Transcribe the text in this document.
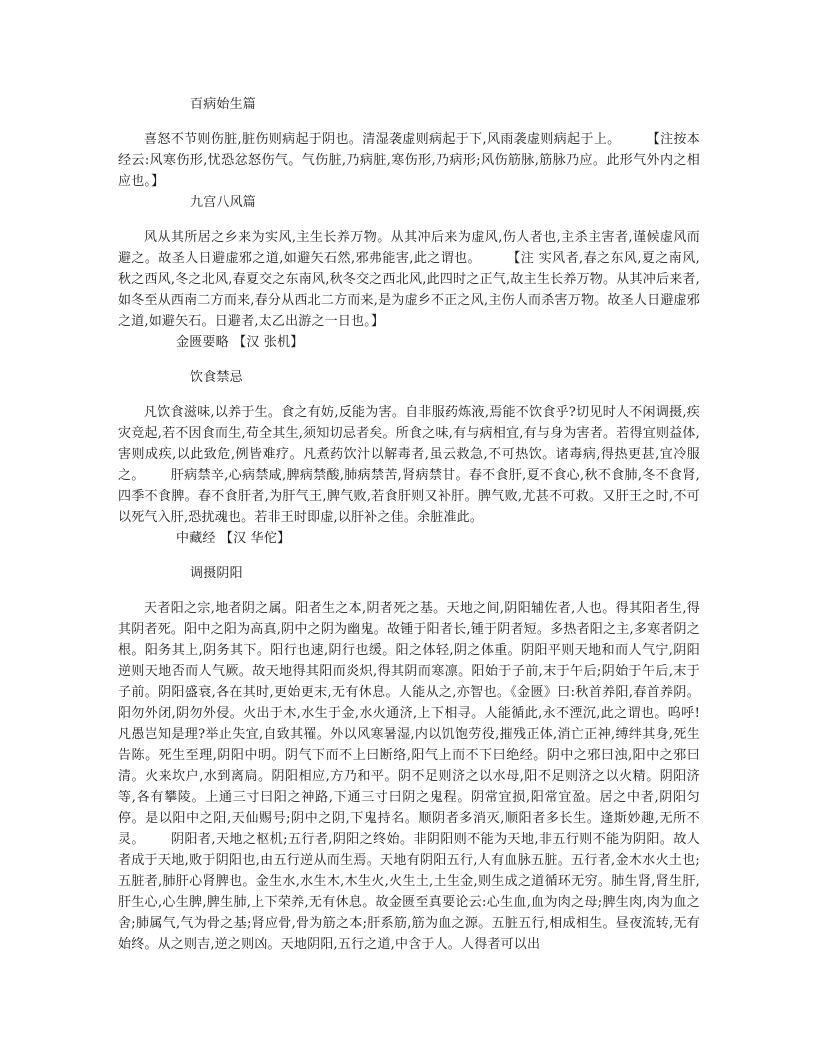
百病始生篇

喜怒不节则伤脏,脏伤则病起于阴也。清湿袭虚则病起于下,风雨袭虚则病起于上。 【注按本经云:风寒伤形,忧恐忿怒伤气。气伤脏,乃病脏,寒伤形,乃病形;风伤筋脉,筋脉乃应。此形气外内之相应也。】

九宫八风篇

风从其所居之乡来为实风,主生长养万物。从其冲后来为虚风,伤人者也,主杀主害者,谨候虚风而避之。故圣人日避虚邪之道,如避矢石然,邪弗能害,此之谓也。 【注 实风者,春之东风,夏之南风,秋之西风,冬之北风,春夏交之东南风,秋冬交之西北风,此四时之正气,故主生长养万物。从其冲后来者,如冬至从西南二方而来,春分从西北二方而来,是为虚乡不正之风,主伤人而杀害万物。故圣人日避虚邪之道,如避矢石。日避者,太乙出游之一日也。】

金匮要略 【汉 张机】

饮食禁忌

凡饮食滋味,以养于生。食之有妨,反能为害。自非服药炼液,焉能不饮食乎?切见时人不闲调摄,疾灾竞起,若不因食而生,苟全其生,须知切忌者矣。所食之味,有与病相宜,有与身为害者。若得宜则益体,害则成疾,以此致危,例皆难疗。凡煮药饮汁以解毒者,虽云救急,不可热饮。诸毒病,得热更甚,宜冷服之。 肝病禁辛,心病禁咸,脾病禁酸,肺病禁苦,肾病禁甘。春不食肝,夏不食心,秋不食肺,冬不食肾,四季不食脾。春不食肝者,为肝气王,脾气败,若食肝则又补肝。脾气败,尤甚不可救。又肝王之时,不可以死气入肝,恐扰魂也。若非王时即虚,以肝补之佳。余脏准此。

中藏经 【汉 华佗】

调摄阴阳

天者阳之宗,地者阴之属。阳者生之本,阴者死之基。天地之间,阴阳辅佐者,人也。得其阳者生,得其阴者死。阳中之阳为高真,阴中之阴为幽鬼。故锺于阳者长,锺于阴者短。多热者阳之主,多寒者阴之根。阳务其上,阴务其下。阳行也速,阴行也缓。阳之体轻,阴之体重。阴阳平则天地和而人气宁,阴阳逆则天地否而人气厥。故天地得其阳而炎炽,得其阴而寒凛。阳始于子前,末于午后;阴始于午后,末于子前。阴阳盛衰,各在其时,更始更末,无有休息。人能从之,亦智也。《金匮》曰:秋首养阳,春首养阴。阳勿外闭,阴勿外侵。火出于木,水生于金,水火通济,上下相寻。人能循此,永不湮沉,此之谓也。呜呼!凡愚岂知是理?举止失宜,自致其罹。外以风寒暑湿,内以饥饱劳役,摧残正体,消亡正神,缚绊其身,死生告陈。死生至理,阴阳中明。阴气下而不上曰断络,阳气上而不下曰绝经。阴中之邪曰浊,阳中之邪曰清。火来坎户,水到离扃。阴阳相应,方乃和平。阴不足则济之以水母,阳不足则济之以火精。阴阳济等,各有攀陵。上通三寸曰阳之神路,下通三寸曰阴之鬼程。阴常宜损,阳常宜盈。居之中者,阴阳匀停。是以阳中之阳,天仙赐号;阴中之阴,下鬼持名。顺阴者多消灭,顺阳者多长生。逢斯妙趣,无所不灵。 阴阳者,天地之枢机;五行者,阴阳之终始。非阴阳则不能为天地,非五行则不能为阴阳。故人者成于天地,败于阴阳也,由五行逆从而生焉。天地有阴阳五行,人有血脉五脏。五行者,金木水火土也;五脏者,肺肝心肾脾也。金生水,水生木,木生火,火生土,土生金,则生成之道循环无穷。肺生肾,肾生肝,肝生心,心生脾,脾生肺,上下荣养,无有休息。故金匮至真要论云:心生血,血为肉之母;脾生肉,肉为血之舍;肺属气,气为骨之基;肾应骨,骨为筋之本;肝系筋,筋为血之源。五脏五行,相成相生。昼夜流转,无有始终。从之则吉,逆之则凶。天地阴阳,五行之道,中含于人。人得者可以出
